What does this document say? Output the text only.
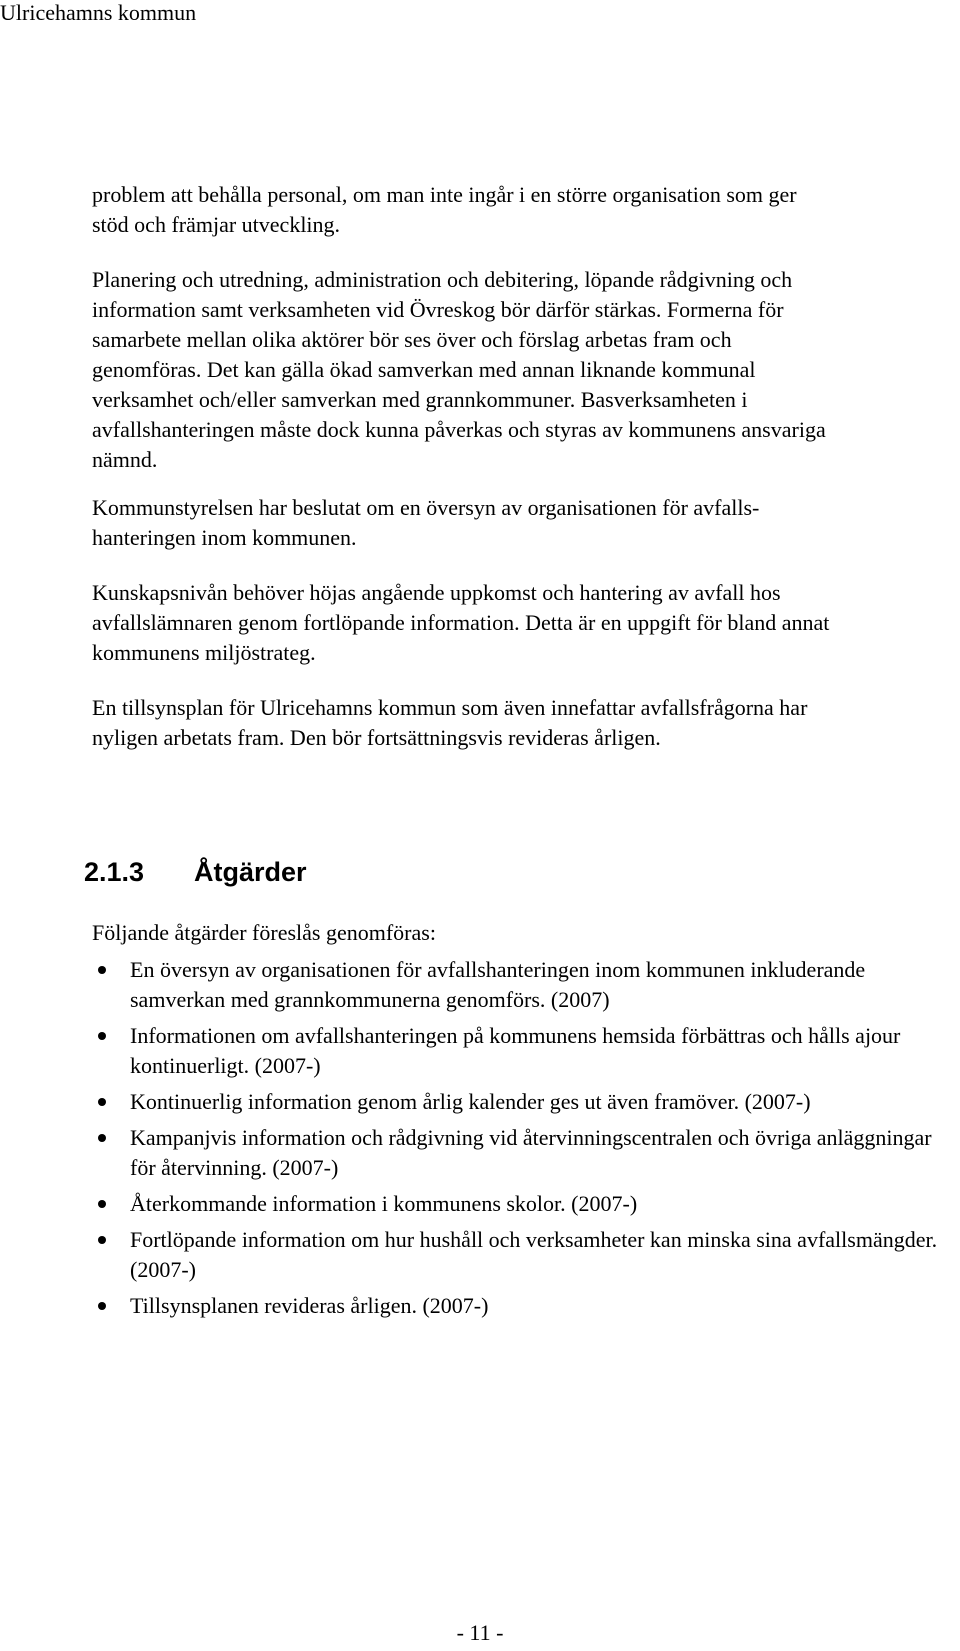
Ulricehamns kommun
problem att behålla personal, om man inte ingår i en större organisation som ger
stöd och främjar utveckling.
Planering och utredning, administration och debitering, löpande rådgivning och
information samt verksamheten vid Övreskog bör därför stärkas. Formerna för
samarbete mellan olika aktörer bör ses över och förslag arbetas fram och
genomföras. Det kan gälla ökad samverkan med annan liknande kommunal
verksamhet och/eller samverkan med grannkommuner. Basverksamheten i
avfallshanteringen måste dock kunna påverkas och styras av kommunens ansvariga
nämnd.
Kommunstyrelsen har beslutat om en översyn av organisationen för avfalls-
hanteringen inom kommunen.
Kunskapsnivån behöver höjas angående uppkomst och hantering av avfall hos
avfallslämnaren genom fortlöpande information. Detta är en uppgift för bland annat
kommunens miljöstrateg.
En tillsynsplan för Ulricehamns kommun som även innefattar avfallsfrågorna har
nyligen arbetats fram. Den bör fortsättningsvis revideras årligen.
2.1.3 Åtgärder
Följande åtgärder föreslås genomföras:
En översyn av organisationen för avfallshanteringen inom kommunen inkluderande samverkan med grannkommunerna genomförs. (2007)
Informationen om avfallshanteringen på kommunens hemsida förbättras och hålls ajour kontinuerligt. (2007-)
Kontinuerlig information genom årlig kalender ges ut även framöver. (2007-)
Kampanjvis information och rådgivning vid återvinningscentralen och övriga anläggningar för återvinning. (2007-)
Återkommande information i kommunens skolor. (2007-)
Fortlöpande information om hur hushåll och verksamheter kan minska sina avfallsmängder. (2007-)
Tillsynsplanen revideras årligen. (2007-)
- 11 -
